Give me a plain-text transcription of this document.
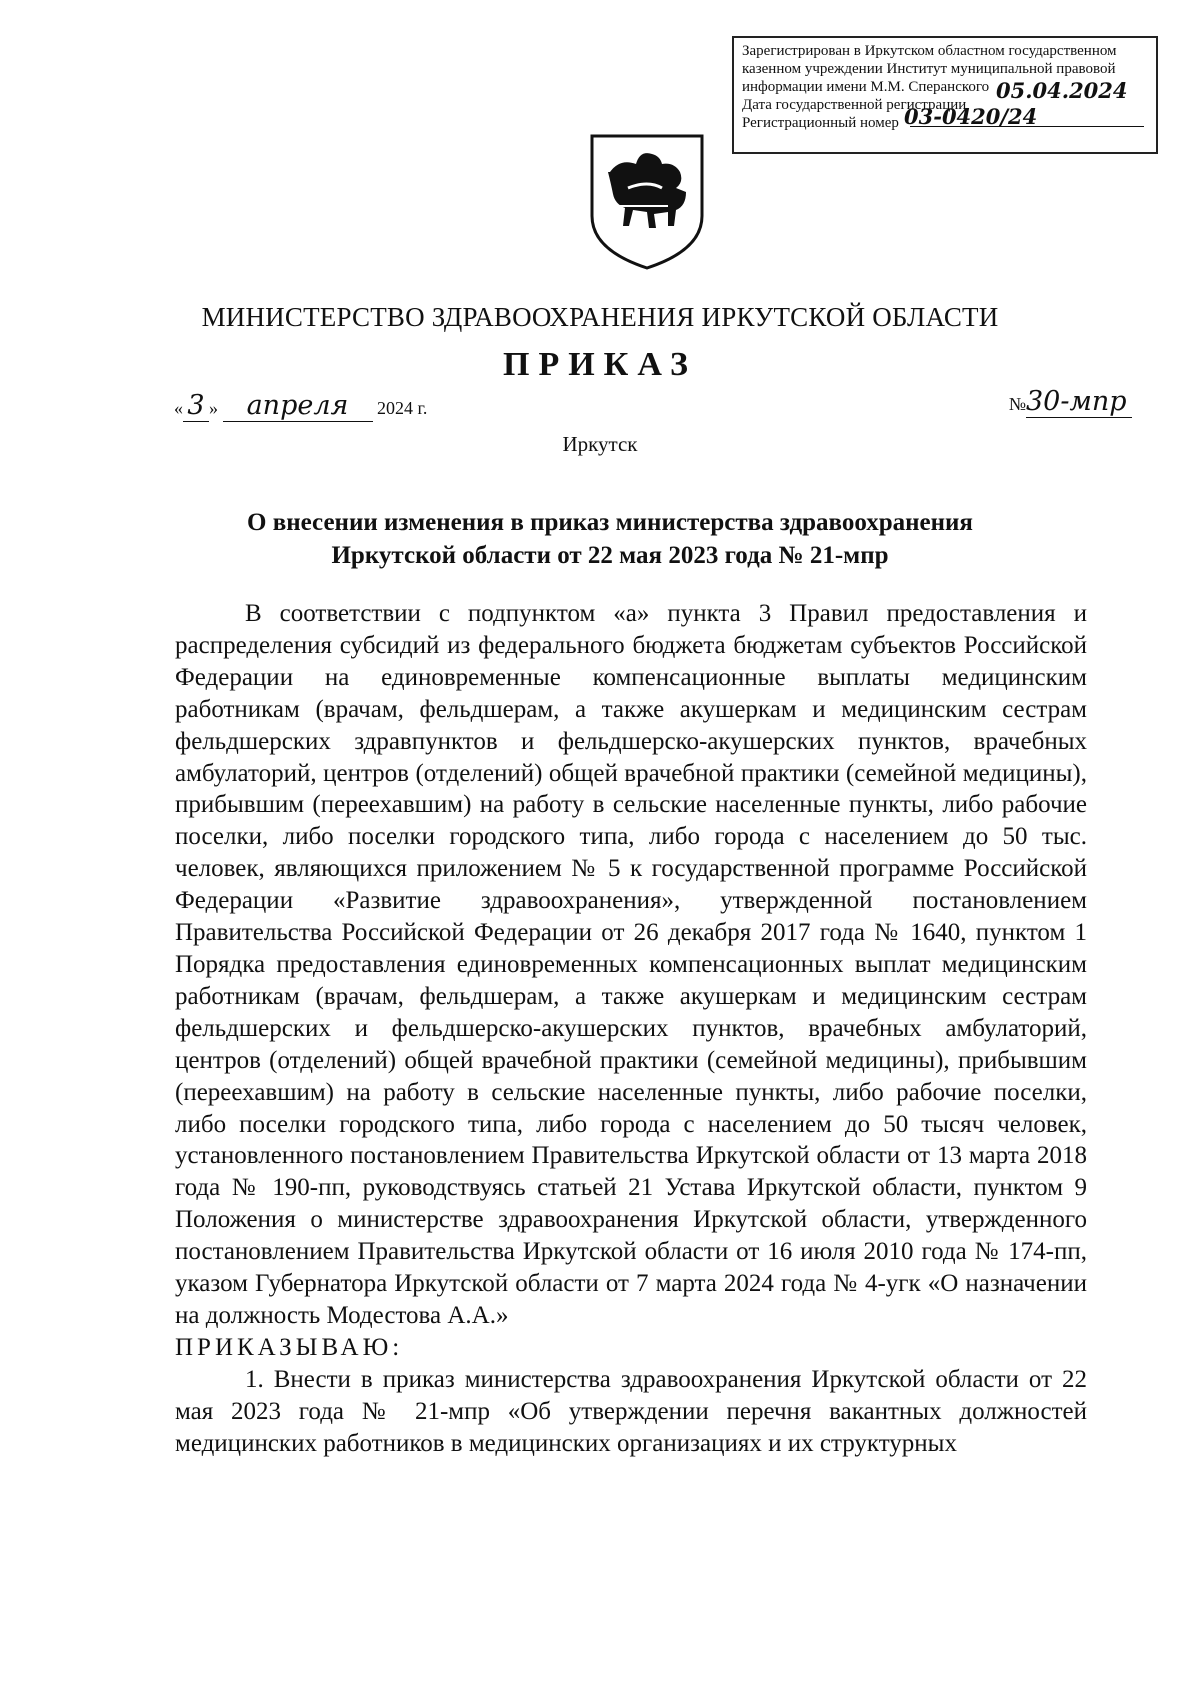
Зарегистрирован в Иркутском областном государственном
казенном учреждении Институт муниципальной правовой
информации имени М.М. Сперанского
Дата государственной регистрации
Регистрационный номер
05.04.2024
03-0420/24
МИНИСТЕРСТВО ЗДРАВООХРАНЕНИЯ ИРКУТСКОЙ ОБЛАСТИ
ПРИКАЗ
« 3 » апреля 2024 г.	№30-мпр
Иркутск
О внесении изменения в приказ министерства здравоохранения
Иркутской области от 22 мая 2023 года № 21-мпр

В соответствии с подпунктом «а» пункта 3 Правил предоставления и распределения субсидий из федерального бюджета бюджетам субъектов Российской Федерации на единовременные компенсационные выплаты медицинским работникам (врачам, фельдшерам, а также акушеркам и медицинским сестрам фельдшерских здравпунктов и фельдшерско-акушерских пунктов, врачебных амбулаторий, центров (отделений) общей врачебной практики (семейной медицины), прибывшим (переехавшим) на работу в сельские населенные пункты, либо рабочие поселки, либо поселки городского типа, либо города с населением до 50 тыс. человек, являющихся приложением № 5 к государственной программе Российской Федерации «Развитие здравоохранения», утвержденной постановлением Правительства Российской Федерации от 26 декабря 2017 года № 1640, пунктом 1 Порядка предоставления единовременных компенсационных выплат медицинским работникам (врачам, фельдшерам, а также акушеркам и медицинским сестрам фельдшерских и фельдшерско-акушерских пунктов, врачебных амбулаторий, центров (отделений) общей врачебной практики (семейной медицины), прибывшим (переехавшим) на работу в сельские населенные пункты, либо рабочие поселки, либо поселки городского типа, либо города с населением до 50 тысяч человек, установленного постановлением Правительства Иркутской области от 13 марта 2018 года № 190-пп, руководствуясь статьей 21 Устава Иркутской области, пунктом 9 Положения о министерстве здравоохранения Иркутской области, утвержденного постановлением Правительства Иркутской области от 16 июля 2010 года № 174-пп, указом Губернатора Иркутской области от 7 марта 2024 года № 4-угк «О назначении на должность Модестова А.А.»

ПРИКАЗЫВАЮ:

1. Внести в приказ министерства здравоохранения Иркутской области от 22 мая 2023 года № 21-мпр «Об утверждении перечня вакантных должностей медицинских работников в медицинских организациях и их структурных
